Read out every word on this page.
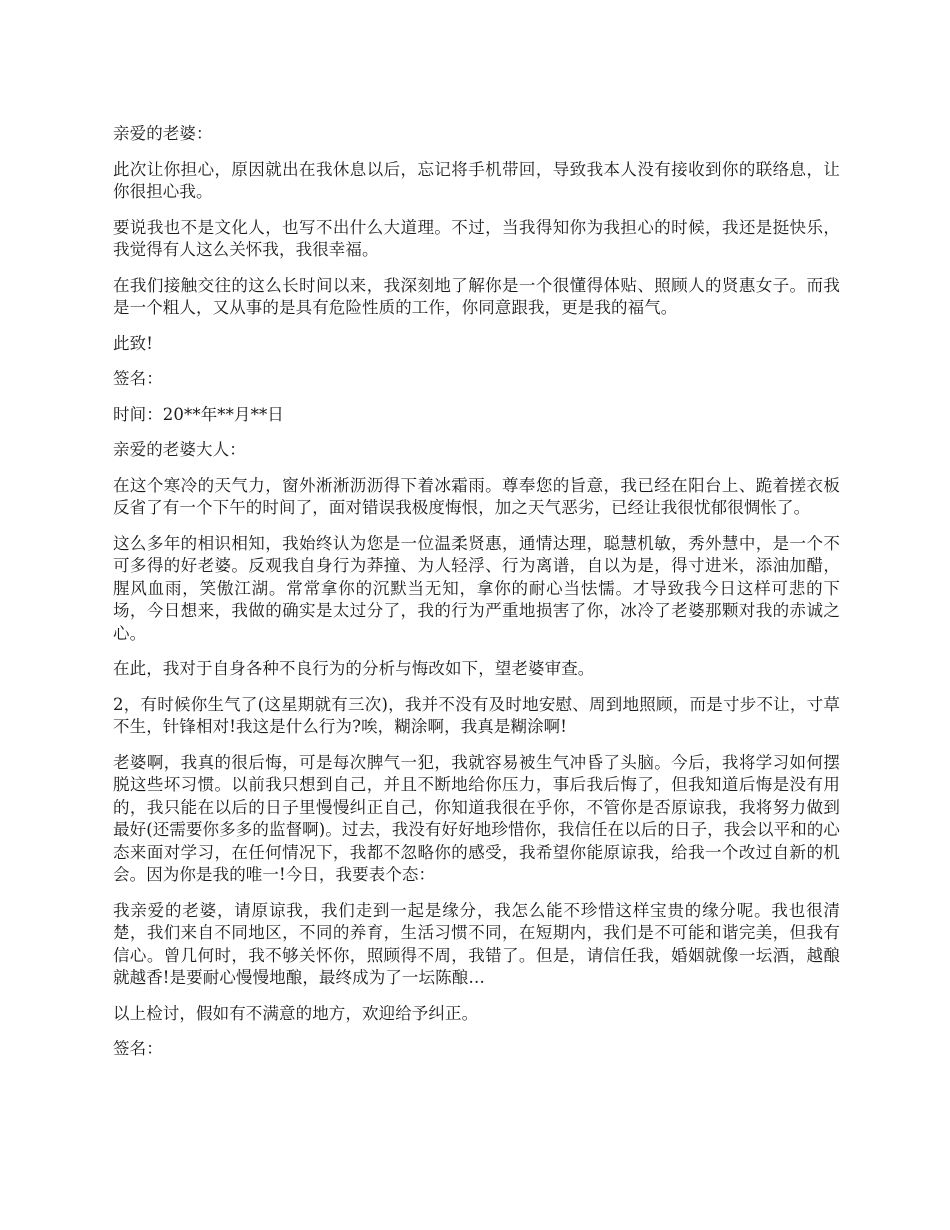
亲爱的老婆：

此次让你担心，原因就出在我休息以后，忘记将手机带回，导致我本人没有接收到你的联络息，让你很担心我。

要说我也不是文化人，也写不出什么大道理。不过，当我得知你为我担心的时候，我还是挺快乐，我觉得有人这么关怀我，我很幸福。

在我们接触交往的这么长时间以来，我深刻地了解你是一个很懂得体贴、照顾人的贤惠女子。而我是一个粗人，又从事的是具有危险性质的工作，你同意跟我，更是我的福气。

此致!

签名：

时间：20**年**月**日

亲爱的老婆大人：

在这个寒冷的天气力，窗外淅淅沥沥得下着冰霜雨。尊奉您的旨意，我已经在阳台上、跪着搓衣板反省了有一个下午的时间了，面对错误我极度悔恨，加之天气恶劣，已经让我很忧郁很惆怅了。

这么多年的相识相知，我始终认为您是一位温柔贤惠，通情达理，聪慧机敏，秀外慧中，是一个不可多得的好老婆。反观我自身行为莽撞、为人轻浮、行为离谱，自以为是，得寸进米，添油加醋，腥风血雨，笑傲江湖。常常拿你的沉默当无知，拿你的耐心当怯懦。才导致我今日这样可悲的下场，今日想来，我做的确实是太过分了，我的行为严重地损害了你，冰冷了老婆那颗对我的赤诚之心。

在此，我对于自身各种不良行为的分析与悔改如下，望老婆审查。

2，有时候你生气了(这星期就有三次)，我并不没有及时地安慰、周到地照顾，而是寸步不让，寸草不生，针锋相对!我这是什么行为?唉，糊涂啊，我真是糊涂啊!

老婆啊，我真的很后悔，可是每次脾气一犯，我就容易被生气冲昏了头脑。今后，我将学习如何摆脱这些坏习惯。以前我只想到自己，并且不断地给你压力，事后我后悔了，但我知道后悔是没有用的，我只能在以后的日子里慢慢纠正自己，你知道我很在乎你，不管你是否原谅我，我将努力做到最好(还需要你多多的监督啊)。过去，我没有好好地珍惜你，我信任在以后的日子，我会以平和的心态来面对学习，在任何情况下，我都不忽略你的感受，我希望你能原谅我，给我一个改过自新的机会。因为你是我的唯一!今日，我要表个态：

我亲爱的老婆，请原谅我，我们走到一起是缘分，我怎么能不珍惜这样宝贵的缘分呢。我也很清楚，我们来自不同地区，不同的养育，生活习惯不同，在短期内，我们是不可能和谐完美，但我有信心。曾几何时，我不够关怀你，照顾得不周，我错了。但是，请信任我，婚姻就像一坛酒，越酿就越香!是要耐心慢慢地酿，最终成为了一坛陈酿…

以上检讨，假如有不满意的地方，欢迎给予纠正。

签名：
